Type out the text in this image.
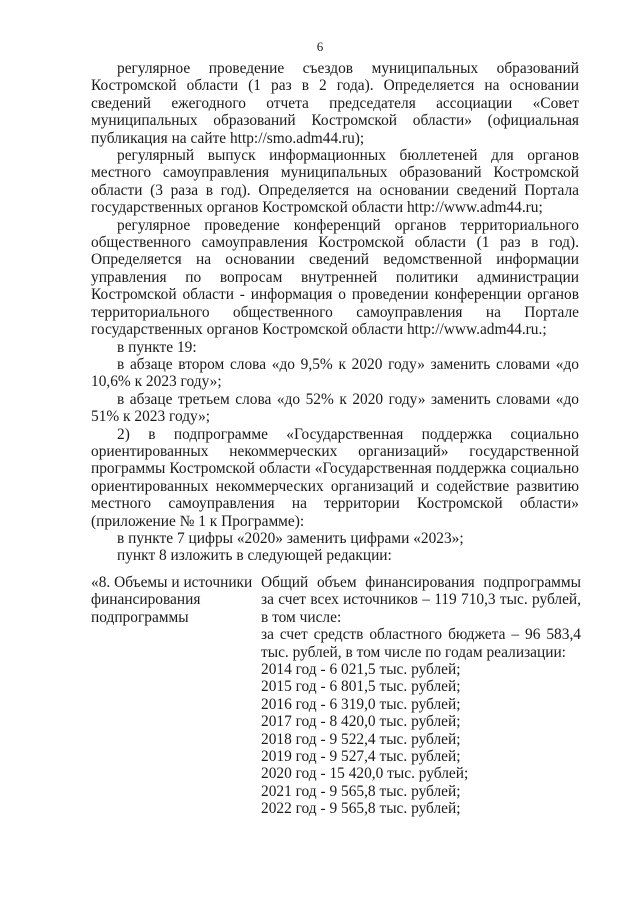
6

регулярное проведение съездов муниципальных образований Костромской области (1 раз в 2 года). Определяется на основании сведений ежегодного отчета председателя ассоциации «Совет муниципальных образований Костромской области» (официальная публикация на сайте http://smo.adm44.ru);

регулярный выпуск информационных бюллетеней для органов местного самоуправления муниципальных образований Костромской области (3 раза в год). Определяется на основании сведений Портала государственных органов Костромской области http://www.adm44.ru;

регулярное проведение конференций органов территориального общественного самоуправления Костромской области (1 раз в год). Определяется на основании сведений ведомственной информации управления по вопросам внутренней политики администрации Костромской области - информация о проведении конференции органов территориального общественного самоуправления на Портале государственных органов Костромской области http://www.adm44.ru.;

в пункте 19:

в абзаце втором слова «до 9,5% к 2020 году» заменить словами «до 10,6% к 2023 году»;

в абзаце третьем слова «до 52% к 2020 году» заменить словами «до 51% к 2023 году»;

2) в подпрограмме «Государственная поддержка социально ориентированных некоммерческих организаций» государственной программы Костромской области «Государственная поддержка социально ориентированных некоммерческих организаций и содействие развитию местного самоуправления на территории Костромской области» (приложение № 1 к Программе):

в пункте 7 цифры «2020» заменить цифрами «2023»;

пункт 8 изложить в следующей редакции:

«8. Объемы и источники
финансирования
подпрограммы

Общий объем финансирования подпрограммы за счет всех источников – 119 710,3 тыс. рублей, в том числе:

за счет средств областного бюджета – 96 583,4 тыс. рублей, в том числе по годам реализации:

2014 год - 6 021,5 тыс. рублей;
2015 год - 6 801,5 тыс. рублей;
2016 год - 6 319,0 тыс. рублей;
2017 год - 8 420,0 тыс. рублей;
2018 год - 9 522,4 тыс. рублей;
2019 год - 9 527,4 тыс. рублей;
2020 год - 15 420,0 тыс. рублей;
2021 год - 9 565,8 тыс. рублей;
2022 год - 9 565,8 тыс. рублей;
